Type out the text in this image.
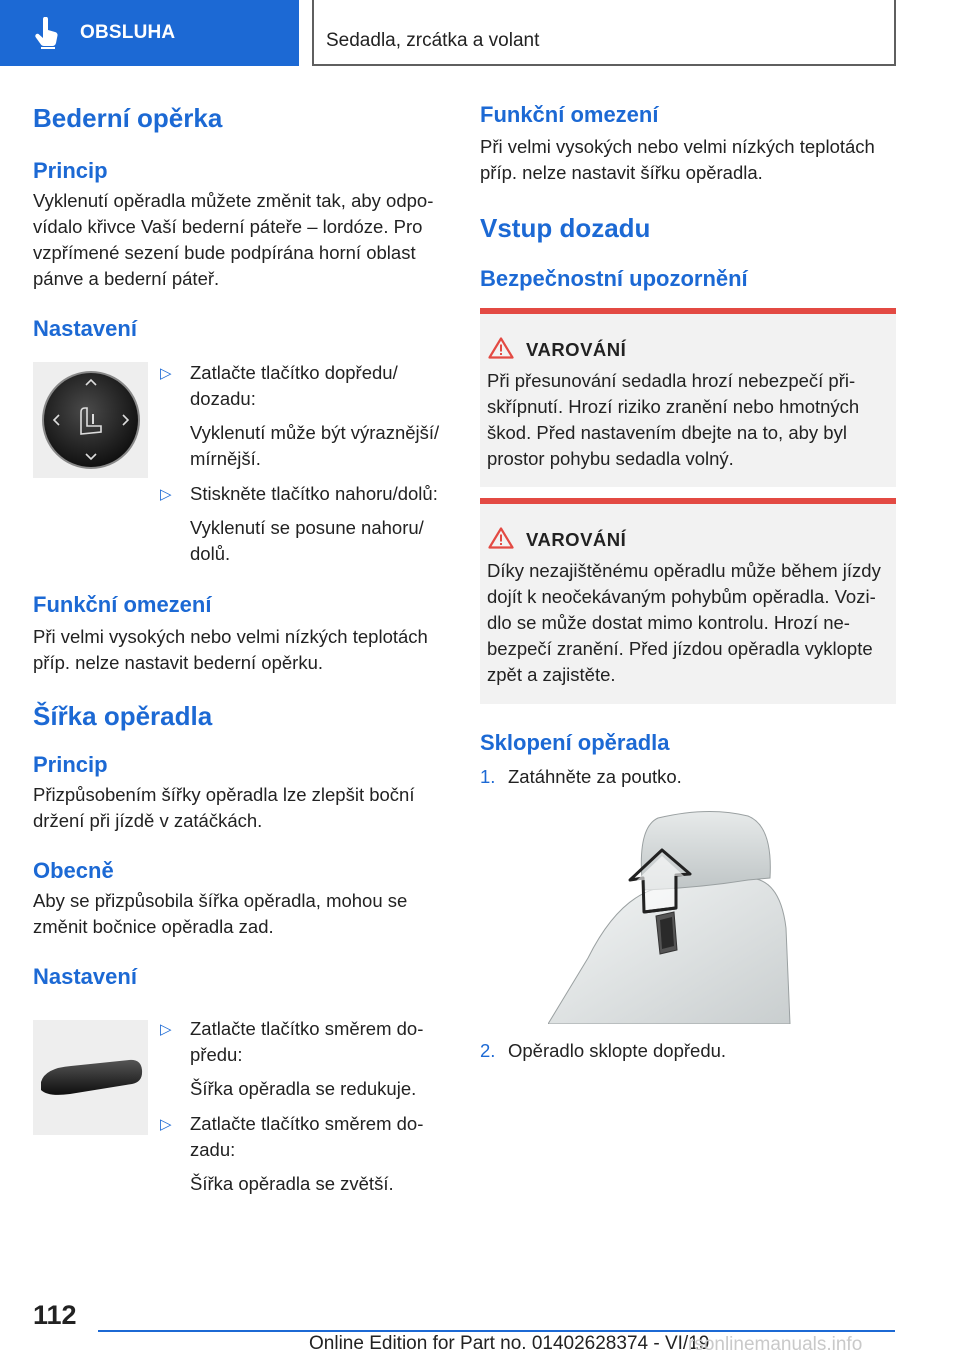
OBSLUHA	Sedadla, zrcátka a volant
Bederní opěrka
Princip
Vyklenutí opěradla můžete změnit tak, aby odpovídalo křivce Vaší bederní páteře – lordóze. Pro vzpřímené sezení bude podpírána horní oblast pánve a bederní páteř.
Nastavení
▷ Zatlačte tlačítko dopředu/ dozadu:
Vyklenutí může být výraznější/ mírnější.
▷ Stiskněte tlačítko nahoru/dolů:
Vyklenutí se posune nahoru/ dolů.
Funkční omezení
Při velmi vysokých nebo velmi nízkých teplotách příp. nelze nastavit bederní opěrku.
Šířka opěradla
Princip
Přizpůsobením šířky opěradla lze zlepšit boční držení při jízdě v zatáčkách.
Obecně
Aby se přizpůsobila šířka opěradla, mohou se změnit bočnice opěradla zad.
Nastavení
▷ Zatlačte tlačítko směrem dopředu:
Šířka opěradla se redukuje.
▷ Zatlačte tlačítko směrem dozadu:
Šířka opěradla se zvětší.
Funkční omezení
Při velmi vysokých nebo velmi nízkých teplotách příp. nelze nastavit šířku opěradla.
Vstup dozadu
Bezpečnostní upozornění
VAROVÁNÍ
Při přesunování sedadla hrozí nebezpečí přiskřípnutí. Hrozí riziko zranění nebo hmotných škod. Před nastavením dbejte na to, aby byl prostor pohybu sedadla volný.
VAROVÁNÍ
Díky nezajištěnému opěradlu může během jízdy dojít k neočekávaným pohybům opěradla. Vozidlo se může dostat mimo kontrolu. Hrozí nebezpečí zranění. Před jízdou opěradla vyklopte zpět a zajistěte.
Sklopení opěradla
1. Zatáhněte za poutko.
2. Opěradlo sklopte dopředu.
112
Online Edition for Part no. 01402628374 - VI/19
rsonlinemanuals.info
